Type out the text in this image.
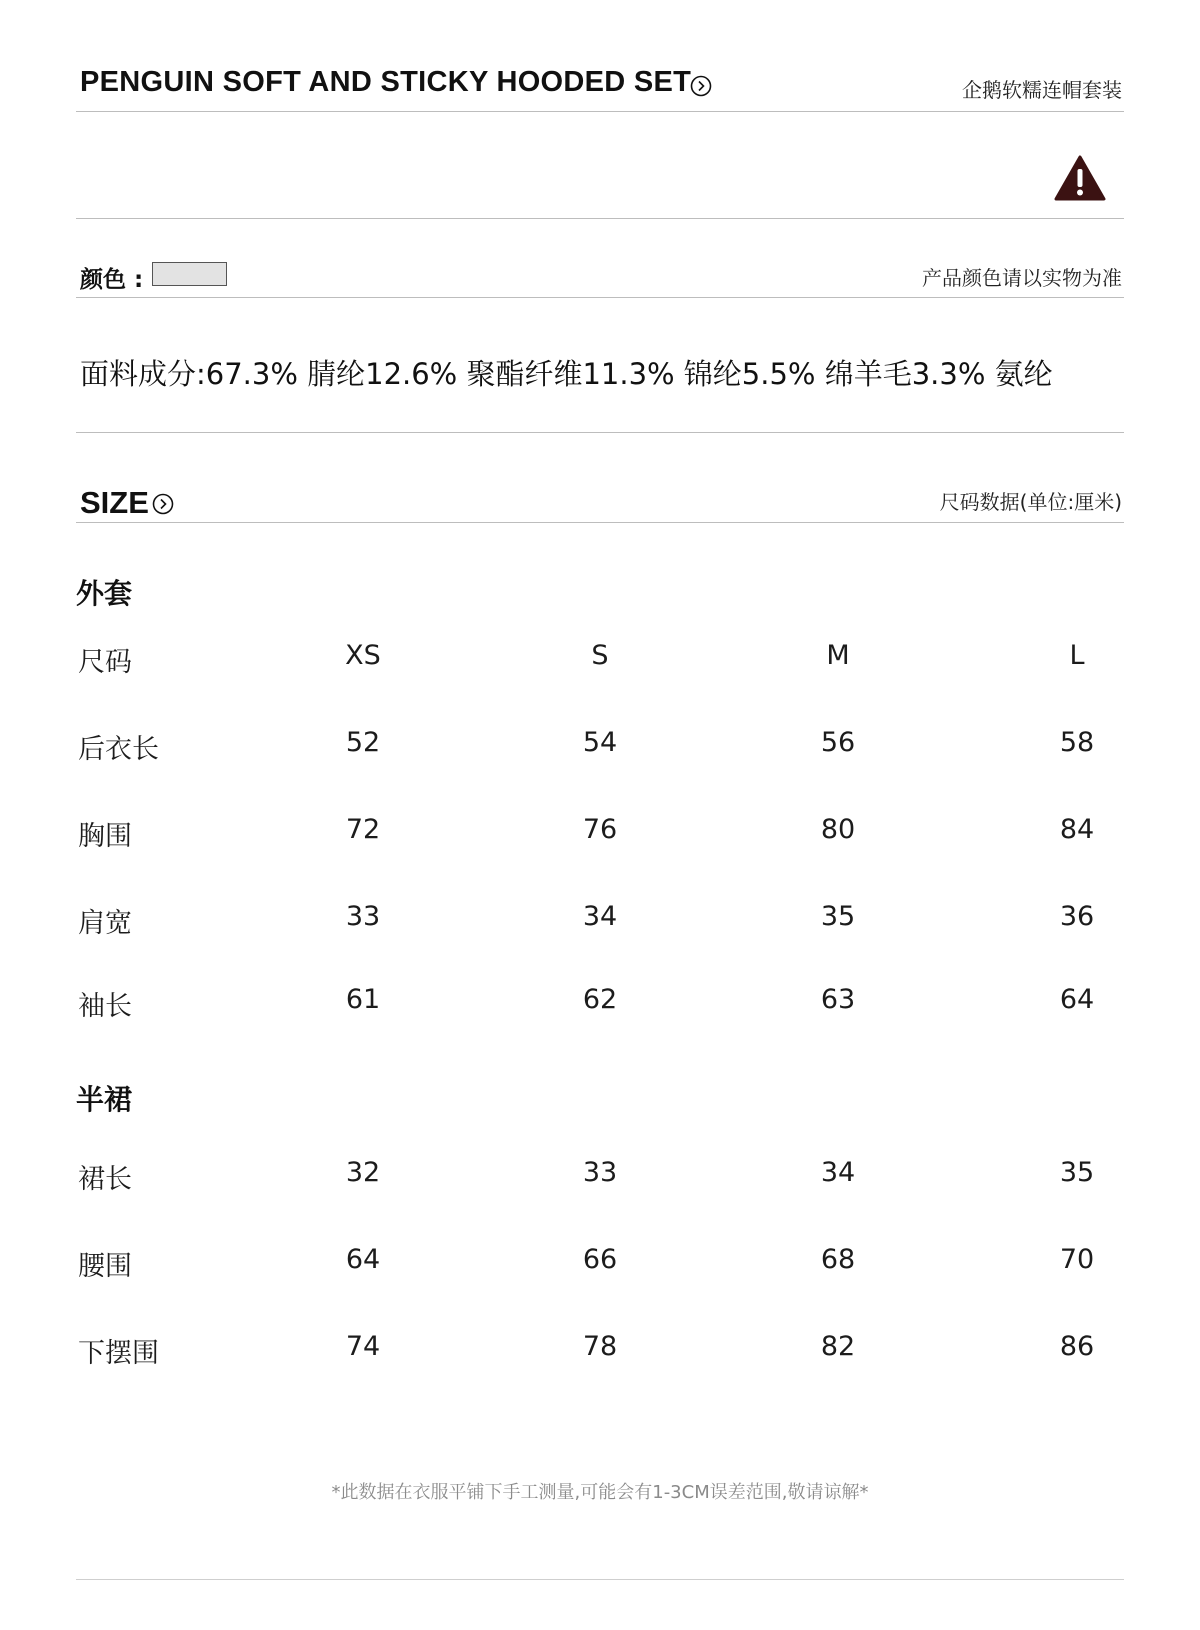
PENGUIN SOFT AND STICKY HOODED SET	企鹅软糯连帽套装
颜色 :	产品颜色请以实物为准
面料成分:67.3% 腈纶12.6% 聚酯纤维11.3% 锦纶5.5% 绵羊毛3.3% 氨纶
SIZE	尺码数据(单位:厘米)
外套
尺码	XS	S	M	L
后衣长	52	54	56	58
胸围	72	76	80	84
肩宽	33	34	35	36
袖长	61	62	63	64
半裙
裙长	32	33	34	35
腰围	64	66	68	70
下摆围	74	78	82	86
*此数据在衣服平铺下手工测量,可能会有1-3CM误差范围,敬请谅解*
